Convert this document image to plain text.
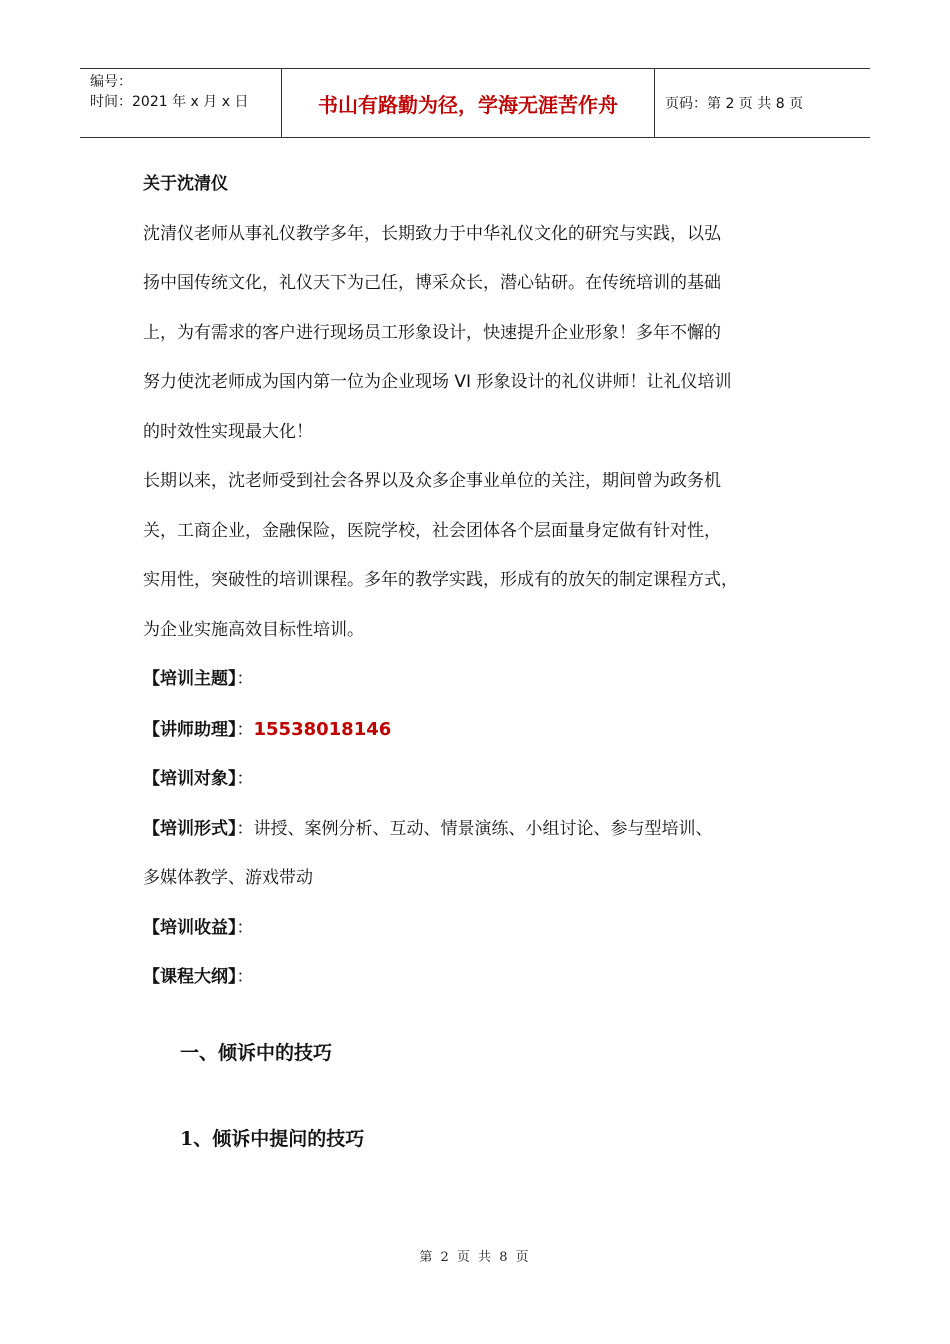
编号：
时间：2021 年 x 月 x 日	书山有路勤为径，学海无涯苦作舟	页码：第 2 页 共 8 页

关于沈清仪

沈清仪老师从事礼仪教学多年，长期致力于中华礼仪文化的研究与实践，以弘

扬中国传统文化，礼仪天下为己任，博采众长，潜心钻研。在传统培训的基础

上，为有需求的客户进行现场员工形象设计，快速提升企业形象！多年不懈的

努力使沈老师成为国内第一位为企业现场 VI 形象设计的礼仪讲师！让礼仪培训

的时效性实现最大化！

长期以来，沈老师受到社会各界以及众多企事业单位的关注，期间曾为政务机

关，工商企业，金融保险，医院学校，社会团体各个层面量身定做有针对性，

实用性，突破性的培训课程。多年的教学实践，形成有的放矢的制定课程方式，

为企业实施高效目标性培训。

【培训主题】：

【讲师助理】：15538018146

【培训对象】：

【培训形式】：讲授、案例分析、互动、情景演练、小组讨论、参与型培训、

多媒体教学、游戏带动

【培训收益】：

【课程大纲】：

一、倾诉中的技巧
1、倾诉中提问的技巧
第 2 页 共 8 页
